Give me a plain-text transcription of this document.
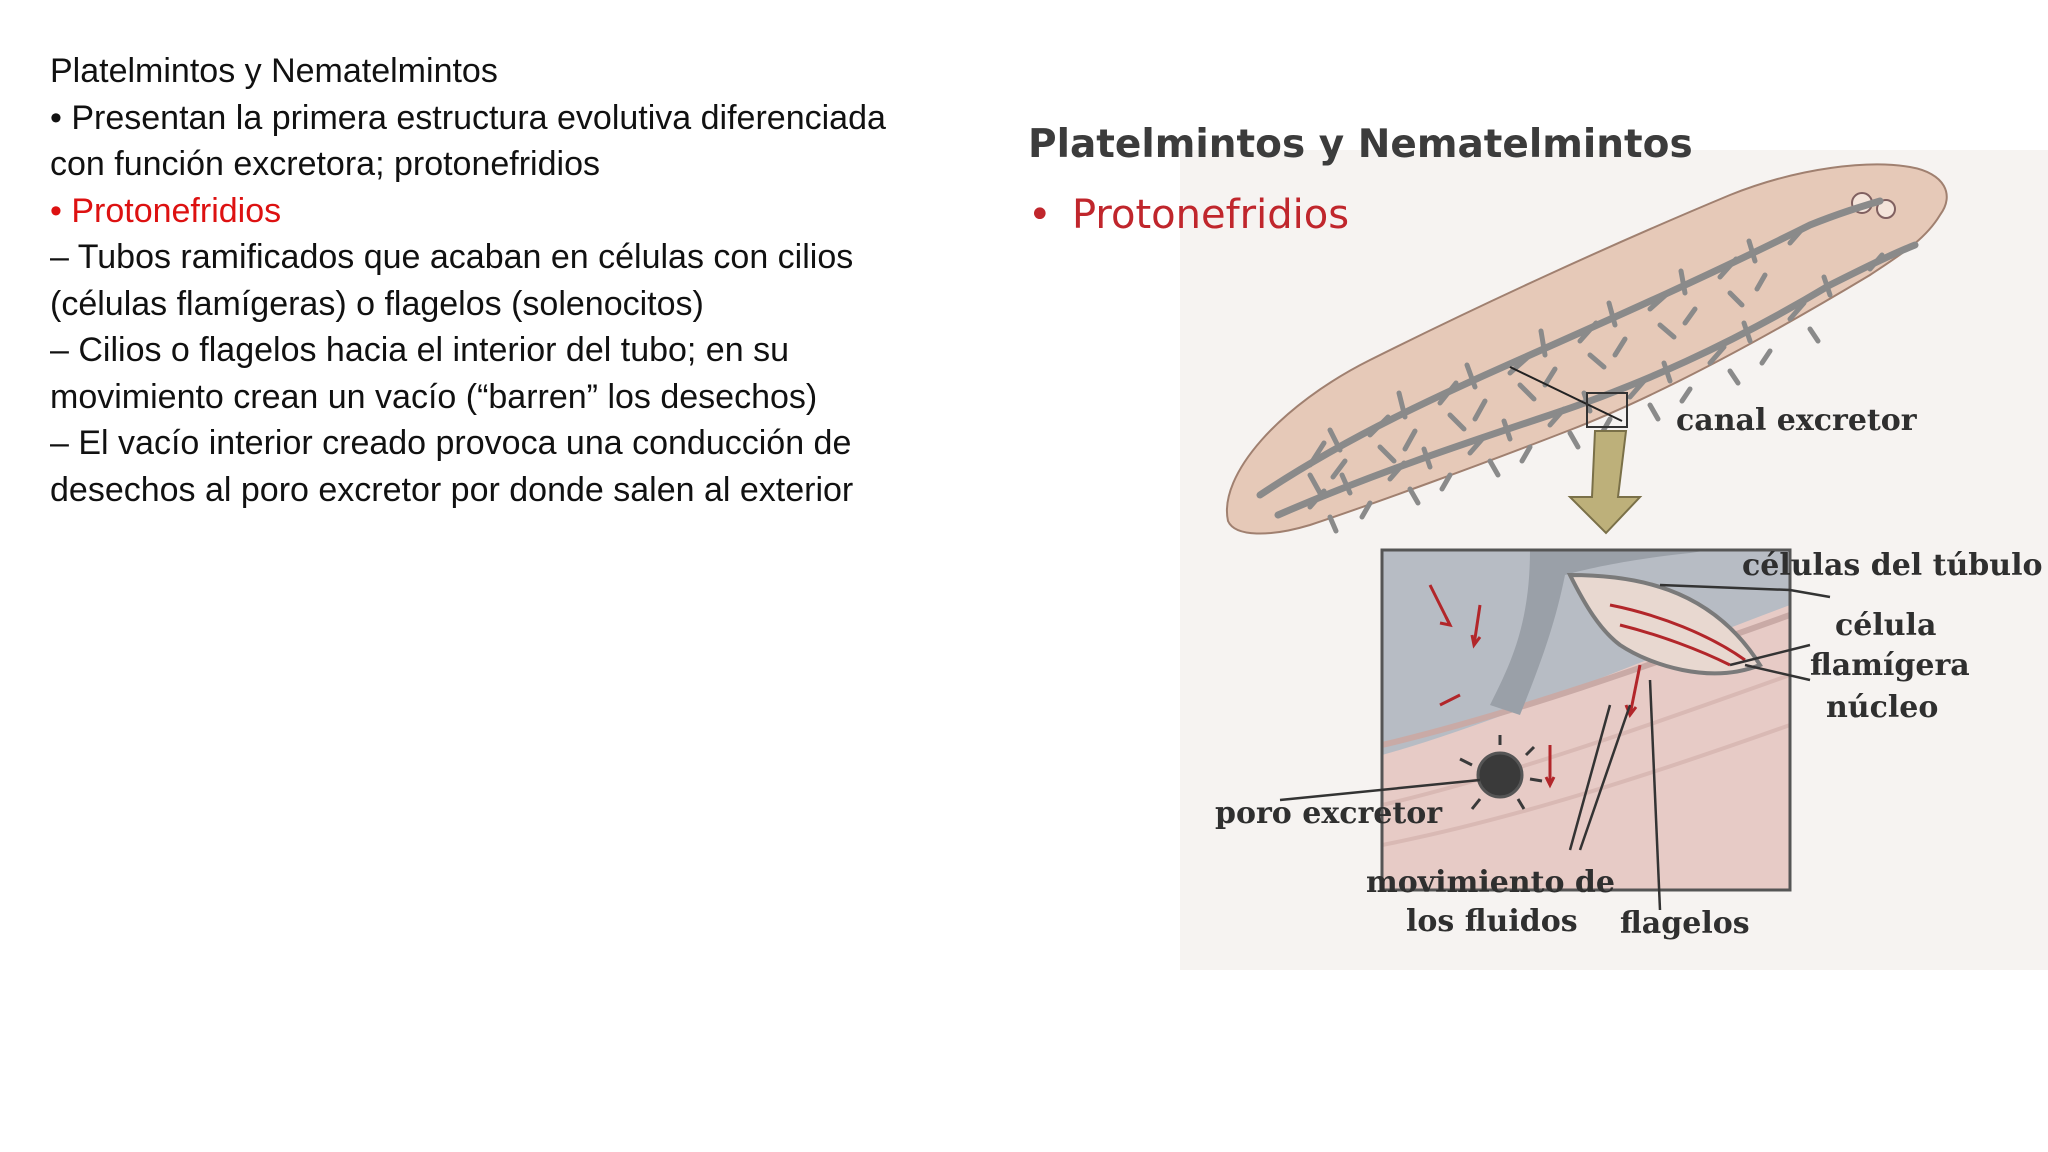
Platelmintos y Nematelmintos

• Presentan la primera estructura evolutiva diferenciada

con función excretora; protonefridios

• Protonefridios

– Tubos ramificados que acaban en células con cilios

(células flamígeras) o flagelos (solenocitos)

– Cilios o flagelos hacia el interior del tubo; en su

movimiento crean un vacío (“barren” los desechos)

– El vacío interior creado provoca una conducción de

desechos al poro excretor por donde salen al exterior

Platelmintos y Nematelmintos
• Protonefridios
canal excretor
células del túbulo
célula
flamígera
núcleo
poro excretor
movimiento de
los fluidos flagelos
